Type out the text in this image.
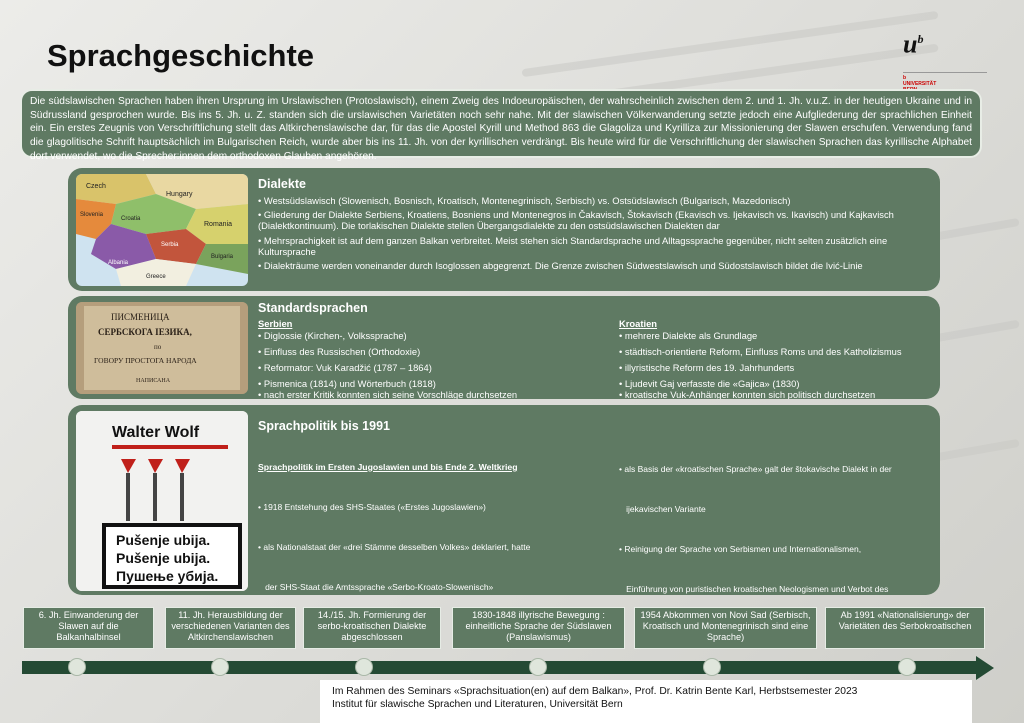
Sprachgeschichte	$u^b$
b
UNIVERSITÄT
Die südslawischen Sprachen haben ihren Ursprung im Urslawischen (Protoslawisch), einem Zweig des Indoeuropäischen, der wahrscheinlich zwischen dem 2. und 1. Jh. v.u.Z. in der heutigen Ukraine und in Südrussland gesprochen wurde. Bis ins 5. Jh. u. Z. standen sich die urslawischen Varietäten noch sehr nahe. Mit der slawischen Völkerwanderung setzte jedoch eine Aufgliederung der sprachlichen Einheit ein. Ein erstes Zeugnis von Verschriftlichung stellt das Altkirchenslawische dar, für das die Apostel Kyrill und Method 863 die Glagoliza und Kyrilliza zur Missionierung der Slawen erschufen. Verwendung fand die glagolitische Schrift hauptsächlich im Bulgarischen Reich, wurde aber bis ins 11. Jh. von der kyrillischen verdrängt. Bis heute wird für die Verschriftlichung der slawischen Sprachen das kyrillische Alphabet dort verwendet, wo die Sprecher:innen dem orthodoxen Glauben angehören.
Czech
Hungary
Slovenia
Croatia
Romania
Serbia
Bulgaria
Greece
Albania
Dialekte
• Westsüdslawisch (Slowenisch, Bosnisch, Kroatisch, Montenegrinisch, Serbisch) vs. Ostsüdslawisch (Bulgarisch, Mazedonisch)
• Gliederung der Dialekte Serbiens, Kroatiens, Bosniens und Montenegros in Čakavisch, Štokavisch (Ekavisch vs. Ijekavisch vs. Ikavisch) und Kajkavisch (Dialektkontinuum). Die torlakischen Dialekte stellen Übergangsdialekte zu den ostsüdslawischen Dialekten dar
• Mehrsprachigkeit ist auf dem ganzen Balkan verbreitet. Meist stehen sich Standardsprache und Alltagssprache gegenüber, nicht selten zusätzlich eine Kultursprache
• Dialekträume werden voneinander durch Isoglossen abgegrenzt. Die Grenze zwischen Südwestslawisch und Südostslawisch bildet die Ivić-Linie
ПИСМЕНИЦА
СЕРБСКОГА ІЕЗИКА,
по
ГОВОРУ ПРОСТОГА НАРОДА
НАПИСАНА
Standardsprachen
Serbien
• Diglossie (Kirchen-, Volkssprache)
• Einfluss des Russischen (Orthodoxie)
• Reformator: Vuk Karadžić (1787 – 1864)
• Pismenica (1814) und Wörterbuch (1818)
• nach erster Kritik konnten sich seine Vorschläge durchsetzen
Kroatien
• mehrere Dialekte als Grundlage
• städtisch-orientierte Reform, Einfluss Roms und des Katholizismus
• illyristische Reform des 19. Jahrhunderts
• Ljudevit Gaj verfasste die «Gajica» (1830)
• kroatische Vuk-Anhänger konnten sich politisch durchsetzen
Walter Wolf
Pušenje ubija.
Pušenje ubija.
Пушење убија.
Sprachpolitik bis 1991

Sprachpolitik im Ersten Jugoslawien und bis Ende 2. Weltkrieg

• 1918 Entstehung des SHS-Staates («Erstes Jugoslawien»)

• als Nationalstaat der «drei Stämme desselben Volkes» deklariert, hatte

der SHS-Staat die Amtssprache «Serbo-Kroato-Slowenisch»

• als Basis der «kroatischen Sprache» galt der štokavische Dialekt in der

ijekavischen Variante

• Reinigung der Sprache von Serbismen und Internationalismen,

Einführung von puristischen kroatischen Neologismen und Verbot des

6. Jh. Einwanderung der Slawen auf die Balkanhalbinsel
11. Jh. Herausbildung der verschiedenen Varianten des Altkirchenslawischen
14./15. Jh. Formierung der serbo-kroatischen Dialekte abgeschlossen
1830-1848 illyrische Bewegung : einheitliche Sprache der Südslawen (Panslawismus)
1954 Abkommen von Novi Sad (Serbisch, Kroatisch und Montenegrinisch sind eine Sprache)
Ab 1991 «Nationalisierung» der Varietäten des Serbokroatischen
Im Rahmen des Seminars «Sprachsituation(en) auf dem Balkan», Prof. Dr. Katrin Bente Karl, Herbstsemester 2023
Institut für slawische Sprachen und Literaturen, Universität Bern
